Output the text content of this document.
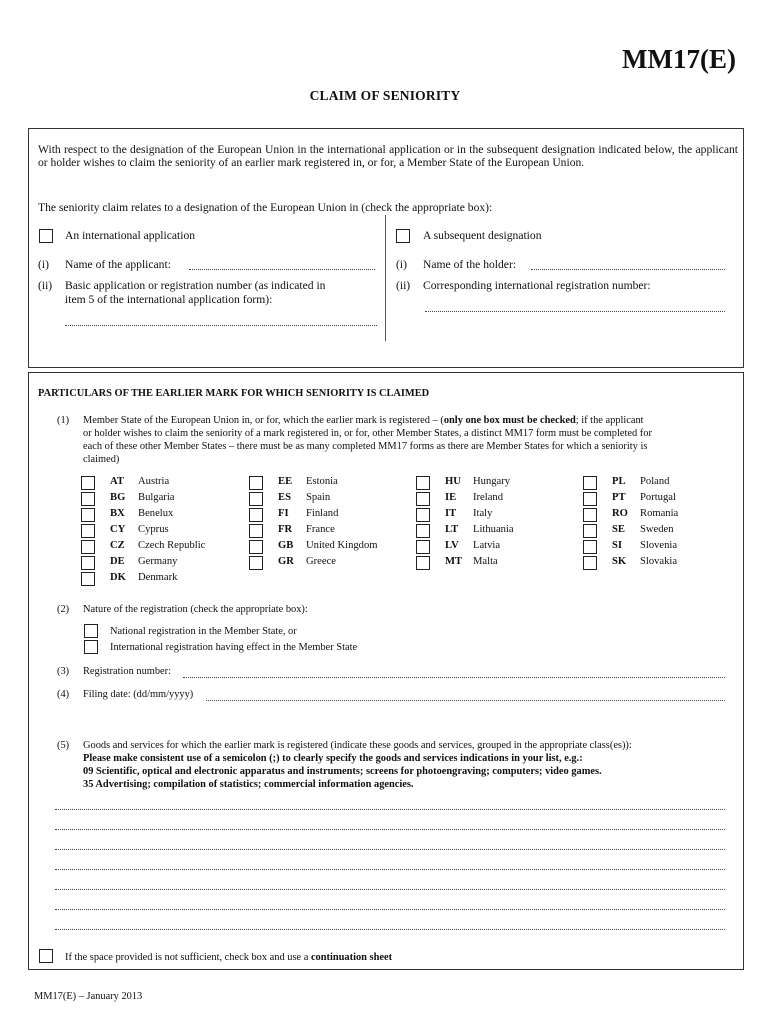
MM17(E)
CLAIM OF SENIORITY
With respect to the designation of the European Union in the international application or in the subsequent designation indicated below, the applicant or holder wishes to claim the seniority of an earlier mark registered in, or for, a Member State of the European Union.
The seniority claim relates to a designation of the European Union in (check the appropriate box):
An international application	A subsequent designation
(i) Name of the applicant:
(ii) Basic application or registration number (as indicated in
item 5 of the international application form):
(i) Name of the holder:
(ii) Corresponding international registration number:
PARTICULARS OF THE EARLIER MARK FOR WHICH SENIORITY IS CLAIMED
(1) Member State of the European Union in, or for, which the earlier mark is registered – (only one box must be checked; if the applicant
or holder wishes to claim the seniority of a mark registered in, or for, other Member States, a distinct MM17 form must be completed for
each of these other Member States – there must be as many completed MM17 forms as there are Member States for which a seniority is
claimed)
AT Austria
BG Bulgaria
BX Benelux
CY Cyprus
CZ Czech Republic
DE Germany
DK Denmark
EE Estonia
ES Spain
FI Finland
FR France
GB United Kingdom
GR Greece
HU Hungary
IE Ireland
IT Italy
LT Lithuania
LV Latvia
MT Malta
PL Poland
PT Portugal
RO Romania
SE Sweden
SI Slovenia
SK Slovakia
(2) Nature of the registration (check the appropriate box):
National registration in the Member State, or
International registration having effect in the Member State
(3) Registration number:
(4) Filing date: (dd/mm/yyyy)
(5) Goods and services for which the earlier mark is registered (indicate these goods and services, grouped in the appropriate class(es)):
Please make consistent use of a semicolon (;) to clearly specify the goods and services indications in your list, e.g.:
09 Scientific, optical and electronic apparatus and instruments; screens for photoengraving; computers; video games.
35 Advertising; compilation of statistics; commercial information agencies.
If the space provided is not sufficient, check box and use a continuation sheet
MM17(E) – January 2013
